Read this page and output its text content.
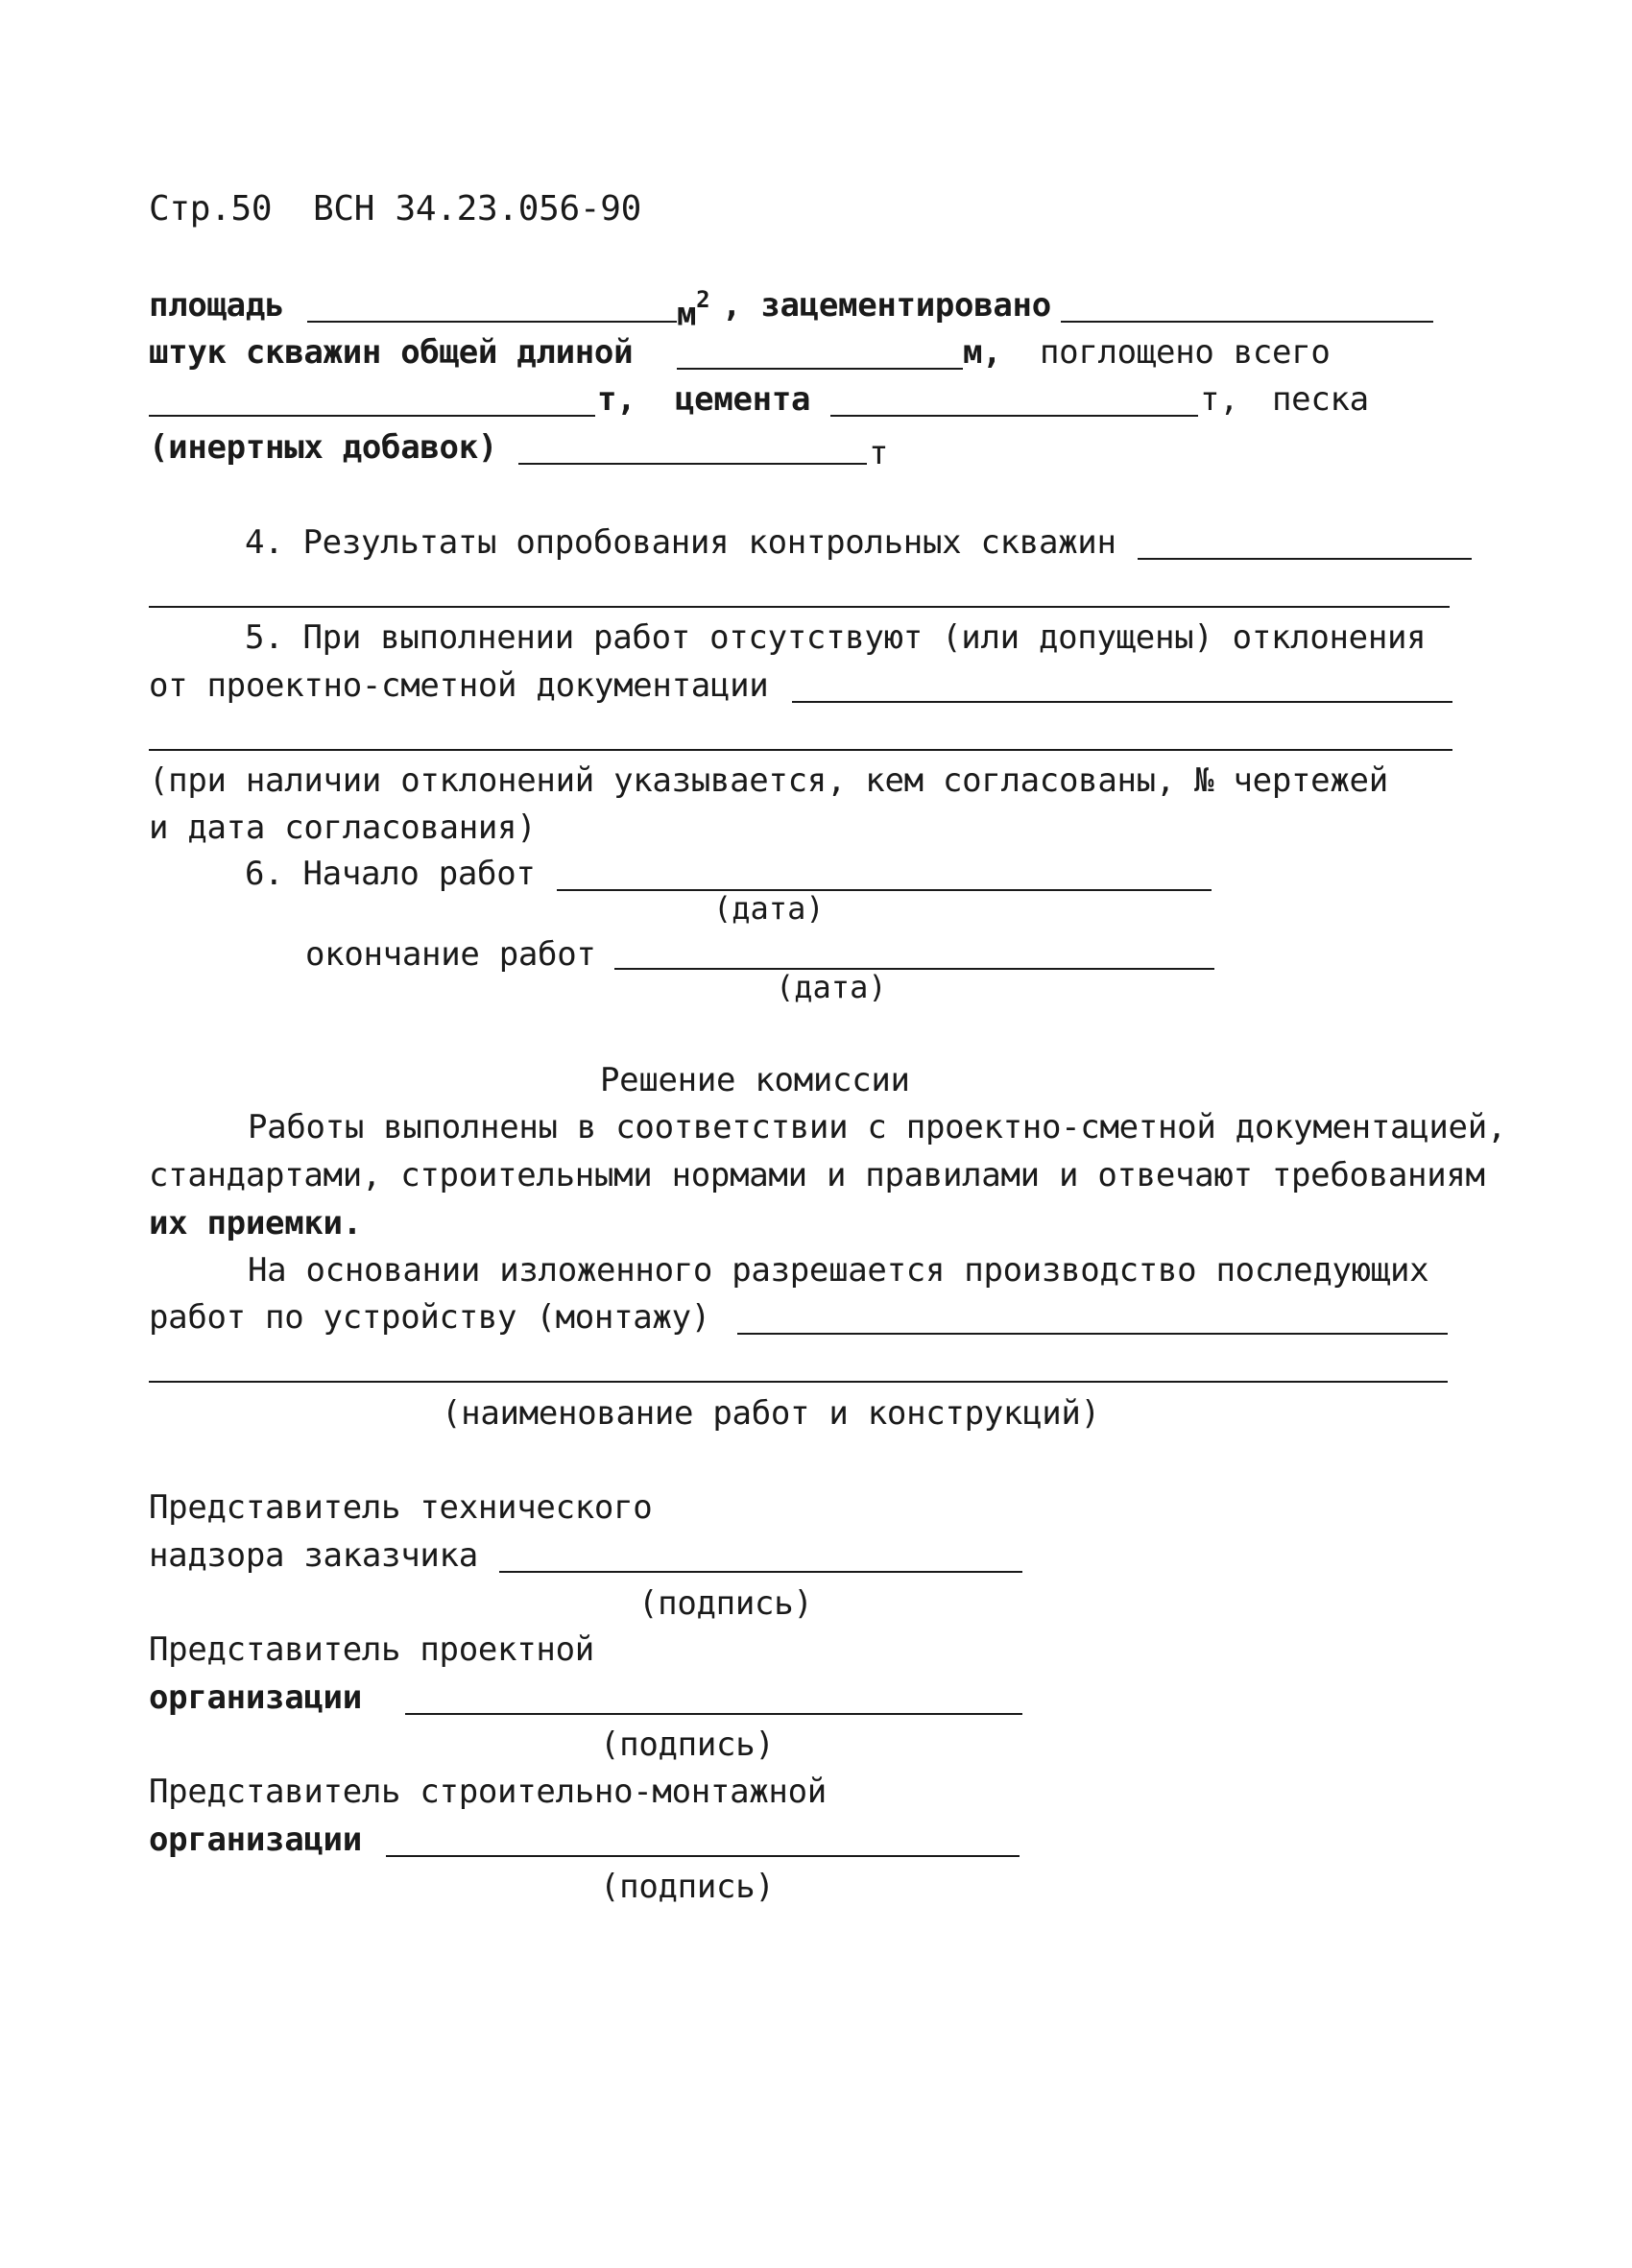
Стр.50  ВСН 34.23.056-90
площадь	$м^2$ , зацементировано
штук скважин общей длиной	м, поглощено всего
т, цемента	т, песка
(инертных добавок)	т
4. Результаты опробования контрольных скважин
5. При выполнении работ отсутствуют (или допущены) отклонения
от проектно-сметной документации
(при наличии отклонений указывается, кем согласованы, № чертежей
и дата согласования)
6. Начало работ
(дата)
окончание работ
(дата)
Решение комиссии
Работы выполнены в соответствии с проектно-сметной документацией,
стандартами, строительными нормами и правилами и отвечают требованиям
их приемки.
На основании изложенного разрешается производство последующих
работ по устройству (монтажу)
(наименование работ и конструкций)
Представитель технического
надзора заказчика
(подпись)
Представитель проектной
организации
(подпись)
Представитель строительно-монтажной
организации
(подпись)
